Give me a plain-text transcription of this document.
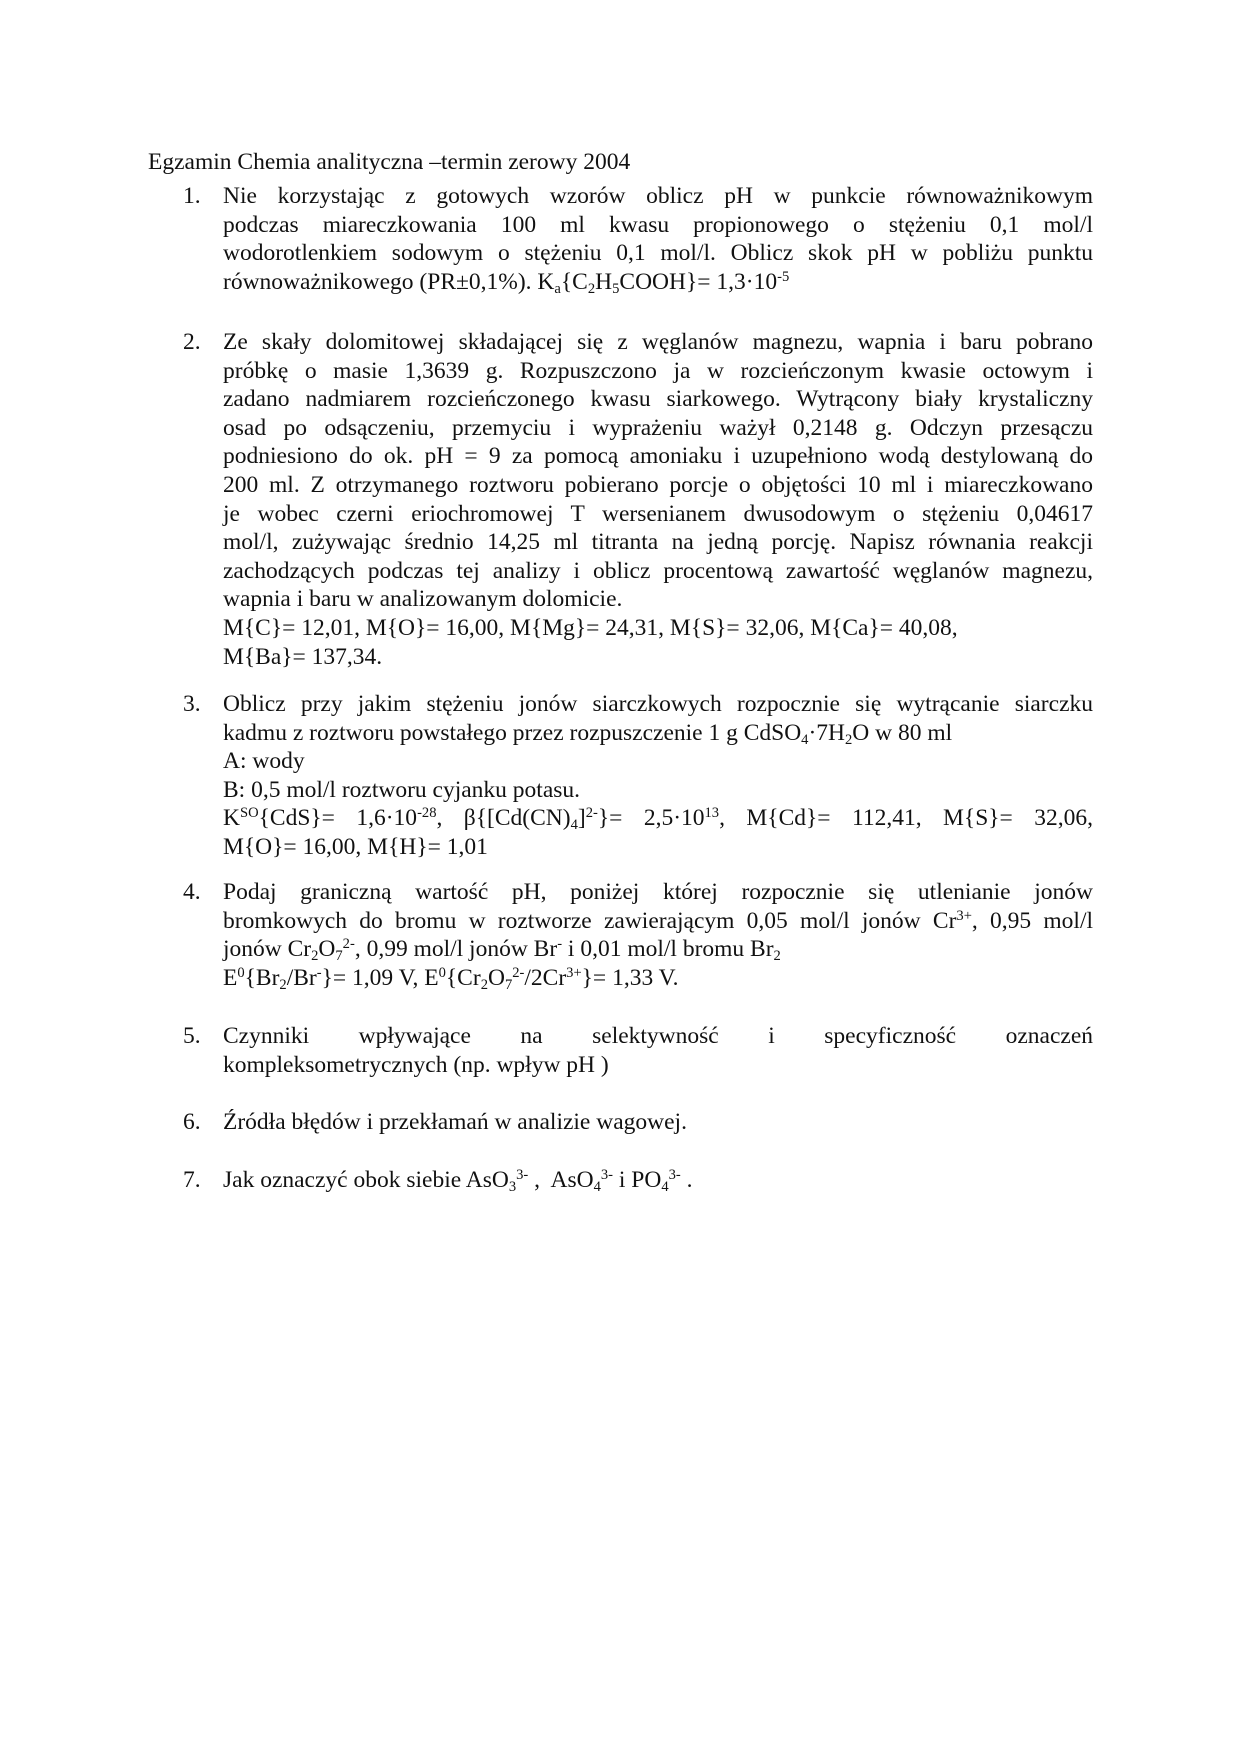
Egzamin Chemia analityczna –termin zerowy 2004
1. Nie korzystając z gotowych wzorów oblicz pH w punkcie równoważnikowym
podczas miareczkowania 100 ml kwasu propionowego o stężeniu 0,1 mol/l
wodorotlenkiem sodowym o stężeniu 0,1 mol/l. Oblicz skok pH w pobliżu punktu
równoważnikowego (PR±0,1%). $K_a\{C_2H_5COOH\}= 1,3\cdot 10^{-5}$
2. Ze skały dolomitowej składającej się z węglanów magnezu, wapnia i baru pobrano
próbkę o masie 1,3639 g. Rozpuszczono ja w rozcieńczonym kwasie octowym i
zadano nadmiarem rozcieńczonego kwasu siarkowego. Wytrącony biały krystaliczny
osad po odsączeniu, przemyciu i wyprażeniu ważył 0,2148 g. Odczyn przesączu
podniesiono do ok. pH = 9 za pomocą amoniaku i uzupełniono wodą destylowaną do
200 ml. Z otrzymanego roztworu pobierano porcje o objętości 10 ml i miareczkowano
je wobec czerni eriochromowej T wersenianem dwusodowym o stężeniu 0,04617
mol/l, zużywając średnio 14,25 ml titranta na jedną porcję. Napisz równania reakcji
zachodzących podczas tej analizy i oblicz procentową zawartość węglanów magnezu,
wapnia i baru w analizowanym dolomicie.
M{C}= 12,01, M{O}= 16,00, M{Mg}= 24,31, M{S}= 32,06, M{Ca}= 40,08,
M{Ba}= 137,34.
3. Oblicz przy jakim stężeniu jonów siarczkowych rozpocznie się wytrącanie siarczku
kadmu z roztworu powstałego przez rozpuszczenie 1 g $CdSO_4\cdot 7H_2O$ w 80 ml
A: wody
B: 0,5 mol/l roztworu cyjanku potasu.
$K^{SO}\{CdS\}= 1,6\cdot 10^{-28}$, $\beta\{[Cd(CN)_4]^{2-}\}= 2,5\cdot 10^{13}$, M{Cd}= 112,41, M{S}= 32,06,
M{O}= 16,00, M{H}= 1,01
4. Podaj graniczną wartość pH, poniżej której rozpocznie się utlenianie jonów
bromkowych do bromu w roztworze zawierającym 0,05 mol/l jonów $Cr^{3+}$, 0,95 mol/l
jonów $Cr_2O_7^{2-}$, 0,99 mol/l jonów Br- i 0,01 mol/l bromu $Br_2$
$E^0\{Br_2/Br^-\}= 1,09$ V, $E^0\{Cr_2O_7^{2-}/2Cr^{3+}\}= 1,33$ V.
5. Czynniki wpływające na selektywność i specyficzność oznaczeń
kompleksometrycznych (np. wpływ pH )
6. Źródła błędów i przekłamań w analizie wagowej.
7. Jak oznaczyć obok siebie AsO$_3^{3-}$ ,  AsO$_4^{3-}$ i $PO_4^{3-}$ .
